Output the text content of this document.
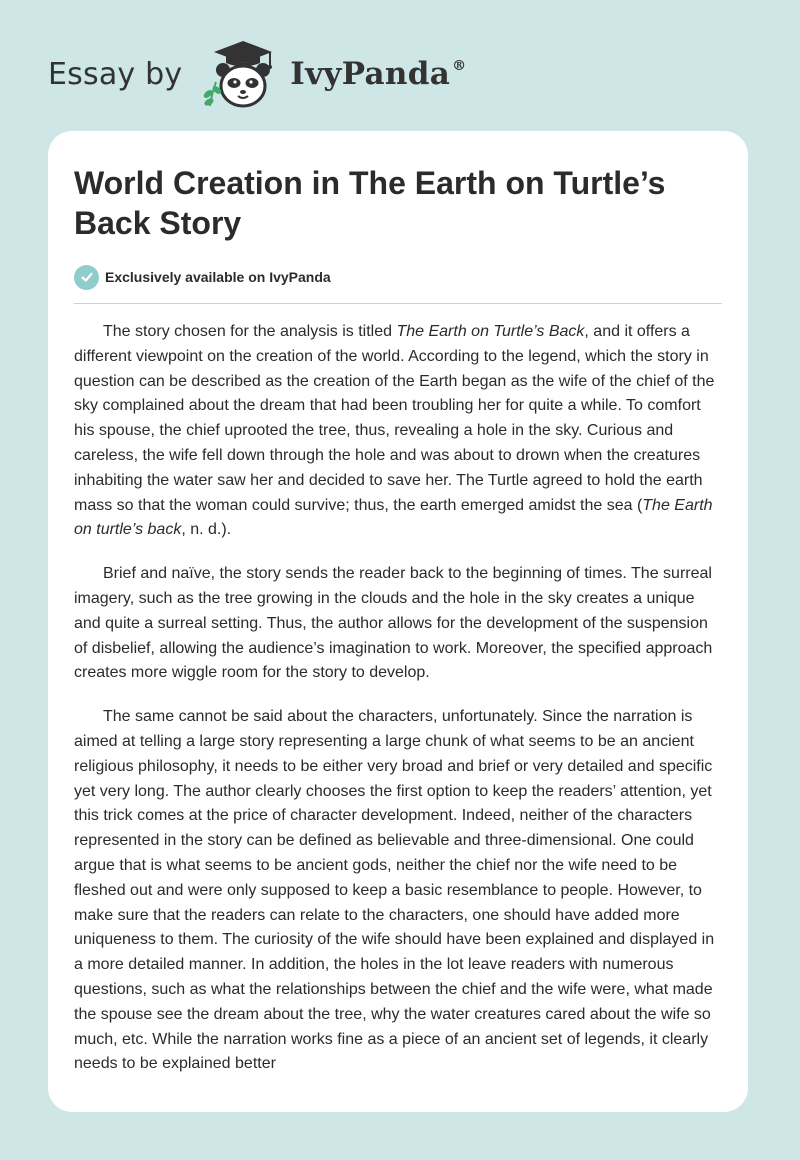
Essay by	IvyPanda ®
World Creation in The Earth on Turtle’s Back Story
Exclusively available on IvyPanda

The story chosen for the analysis is titled The Earth on Turtle’s Back, and it offers a different viewpoint on the creation of the world. According to the legend, which the story in question can be described as the creation of the Earth began as the wife of the chief of the sky complained about the dream that had been troubling her for quite a while. To comfort his spouse, the chief uprooted the tree, thus, revealing a hole in the sky. Curious and careless, the wife fell down through the hole and was about to drown when the creatures inhabiting the water saw her and decided to save her. The Turtle agreed to hold the earth mass so that the woman could survive; thus, the earth emerged amidst the sea (The Earth on turtle’s back, n. d.).

Brief and naïve, the story sends the reader back to the beginning of times. The surreal imagery, such as the tree growing in the clouds and the hole in the sky creates a unique and quite a surreal setting. Thus, the author allows for the development of the suspension of disbelief, allowing the audience’s imagination to work. Moreover, the specified approach creates more wiggle room for the story to develop.

The same cannot be said about the characters, unfortunately. Since the narration is aimed at telling a large story representing a large chunk of what seems to be an ancient religious philosophy, it needs to be either very broad and brief or very detailed and specific yet very long. The author clearly chooses the first option to keep the readers’ attention, yet this trick comes at the price of character development. Indeed, neither of the characters represented in the story can be defined as believable and three-dimensional. One could argue that is what seems to be ancient gods, neither the chief nor the wife need to be fleshed out and were only supposed to keep a basic resemblance to people. However, to make sure that the readers can relate to the characters, one should have added more uniqueness to them. The curiosity of the wife should have been explained and displayed in a more detailed manner. In addition, the holes in the lot leave readers with numerous questions, such as what the relationships between the chief and the wife were, what made the spouse see the dream about the tree, why the water creatures cared about the wife so much, etc. While the narration works fine as a piece of an ancient set of legends, it clearly needs to be explained better
